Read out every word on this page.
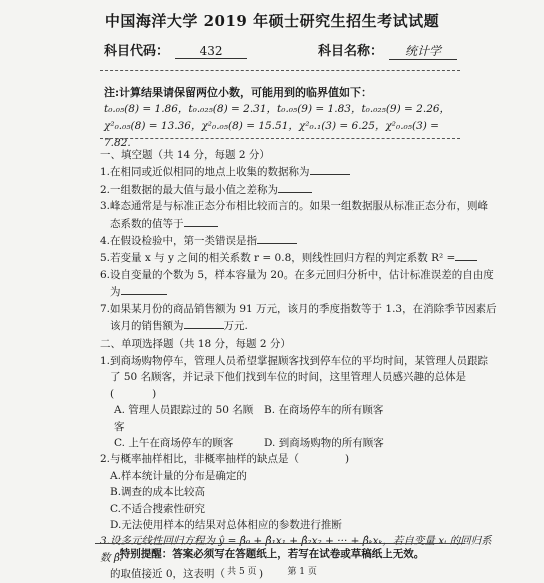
中国海洋大学 2019 年硕士研究生招生考试试题
科目代码：	432	科目名称： 统计学
注:计算结果请保留两位小数，可能用到的临界值如下：
t₀.₀₅(8) = 1.86，t₀.₀₂₅(8) = 2.31，t₀.₀₅(9) = 1.83，t₀.₀₂₅(9) = 2.26，
χ²₀.₀₅(8) = 13.36，χ²₀.₀₅(8) = 15.51，χ²₀.₁(3) = 6.25，χ²₀.₀₅(3) = 7.82.
一、填空题（共 14 分，每题 2 分）

1.在相同或近似相同的地点上收集的数据称为

2.一组数据的最大值与最小值之差称为

3.峰态通常是与标准正态分布相比较而言的。如果一组数据服从标准正态分布，则峰

态系数的值等于

4.在假设检验中，第一类错误是指

5.若变量 x 与 y 之间的相关系数 r = 0.8，则线性回归方程的判定系数 R² =

6.设自变量的个数为 5，样本容量为 20。在多元回归分析中，估计标准误差的自由度

为

7.如果某月份的商品销售额为 91 万元，该月的季度指数等于 1.3，在消除季节因素后

该月的销售额为	万元.

二、单项选择题（共 18 分，每题 2 分）

1.到商场购物停车，管理人员希望掌握顾客找到停车位的平均时间，某管理人员跟踪

了 50 名顾客，并记录下他们找到车位的时间，这里管理人员感兴趣的总体是(	)

A. 管理人员跟踪过的 50 名顾客
B. 在商场停车的所有顾客
C. 上午在商场停车的顾客	D. 到商场购物的所有顾客

2.与概率抽样相比，非概率抽样的缺点是（	)

A.样本统计量的分布是确定的
B.调查的成本比较高
C.不适合搜索性研究
D.无法使用样本的结果对总体相应的参数进行推断

3.设多元线性回归方程为 ŷ = β̂₀ + β̂₁x₁ + β̂₂x₂ + ··· + β̂ₖxₖ，若自变量 xᵢ 的回归系数 β̂ᵢ

的取值接近 0，这表明（	)

特别提醒：答案必须写在答题纸上，若写在试卷或草稿纸上无效。
共 5 页	第 1 页
